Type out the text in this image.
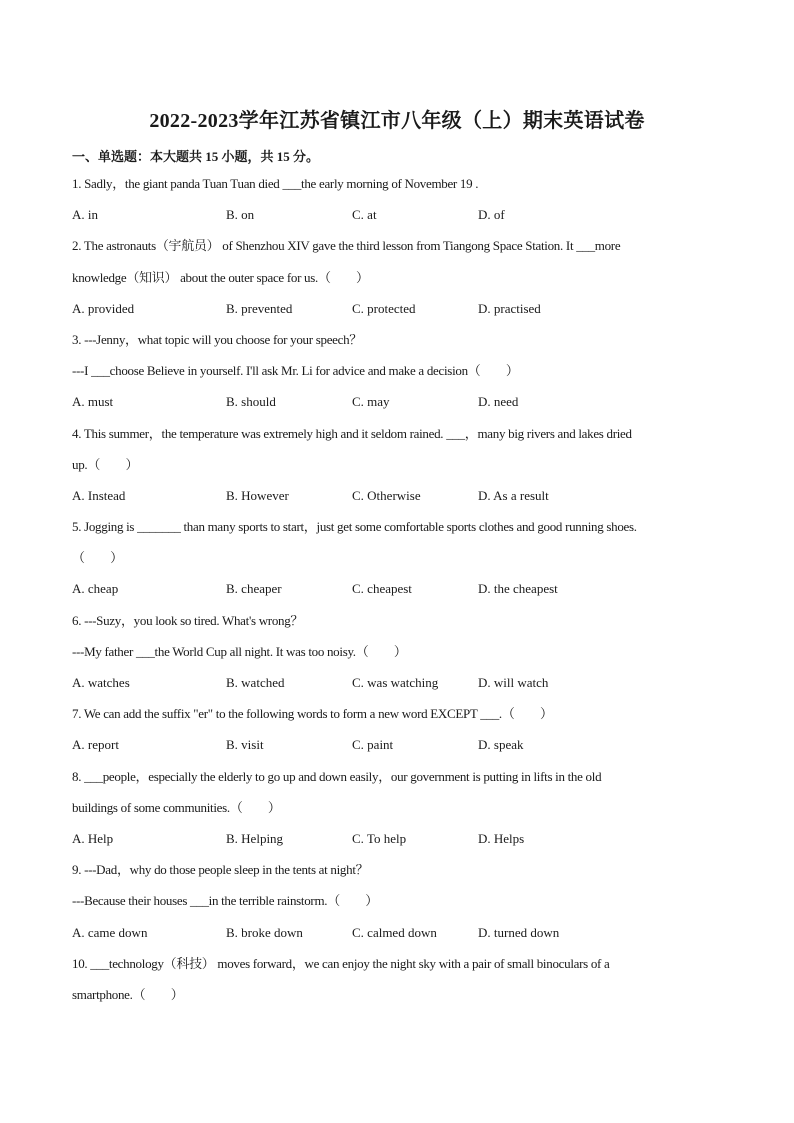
2022-2023学年江苏省镇江市八年级（上）期末英语试卷
一、单选题：本大题共 15 小题，共 15 分。
1. Sadly，the giant panda Tuan Tuan died ___the early morning of November 19 .
A. in	B. on	C. at	D. of
2. The astronauts（宇航员） of Shenzhou XIV gave the third lesson from Tiangong Space Station. It ___more
knowledge（知识） about the outer space for us.（　　）
A. provided	B. prevented	C. protected	D. practised
3. ---Jenny，what topic will you choose for your speech？
---I ___choose Believe in yourself. I'll ask Mr. Li for advice and make a decision（　　）
A. must	B. should	C. may	D. need
4. This summer，the temperature was extremely high and it seldom rained. ___，many big rivers and lakes dried
up.（　　）
A. Instead	B. However	C. Otherwise	D. As a result
5. Jogging is _______ than many sports to start，just get some comfortable sports clothes and good running shoes.
（　　）
A. cheap	B. cheaper	C. cheapest	D. the cheapest
6. ---Suzy，you look so tired. What's wrong？
---My father ___the World Cup all night. It was too noisy.（　　）
A. watches	B. watched	C. was watching	D. will watch
7. We can add the suffix "er" to the following words to form a new word EXCEPT ___.（　　）
A. report	B. visit	C. paint	D. speak
8. ___people，especially the elderly to go up and down easily，our government is putting in lifts in the old
buildings of some communities.（　　）
A. Help	B. Helping	C. To help	D. Helps
9. ---Dad，why do those people sleep in the tents at night？
---Because their houses ___in the terrible rainstorm.（　　）
A. came down	B. broke down	C. calmed down	D. turned down
10. ___technology（科技） moves forward，we can enjoy the night sky with a pair of small binoculars of a
smartphone.（　　）
